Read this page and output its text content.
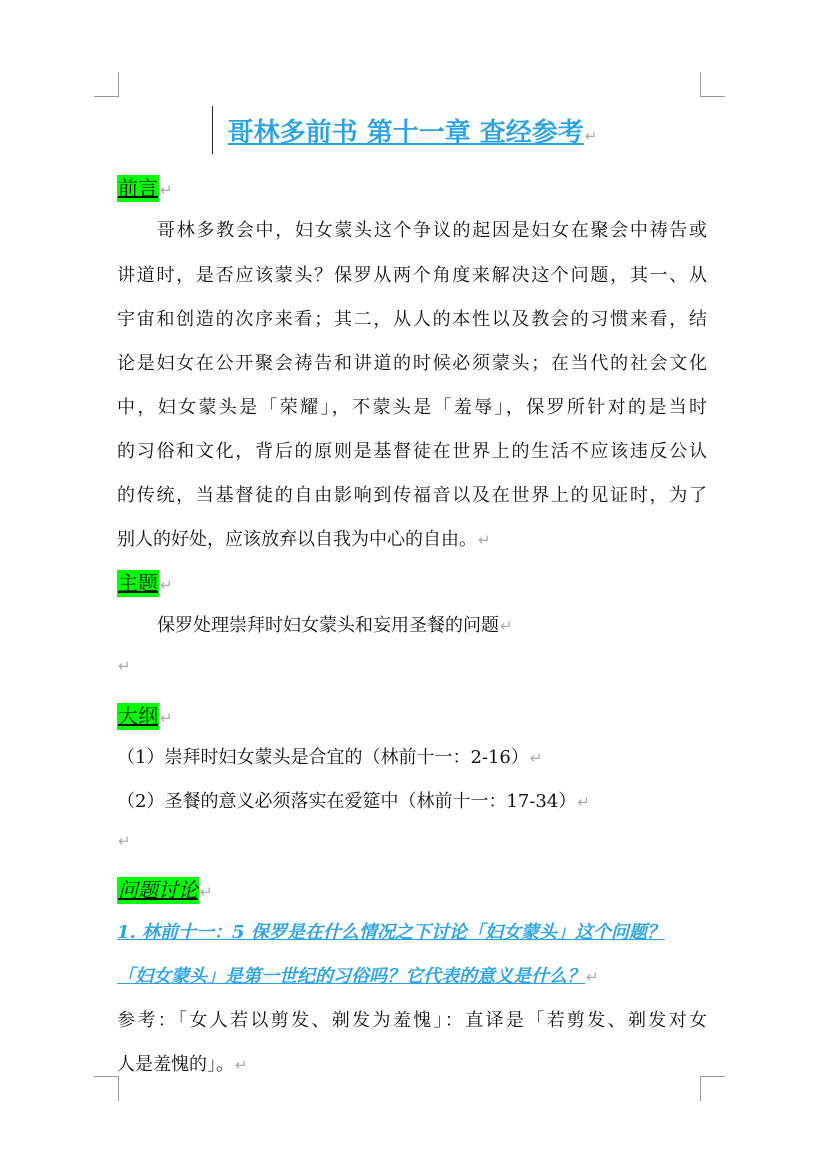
哥林多前书 第十一章 查经参考↵
前言 ↵
哥林多教会中，妇女蒙头这个争议的起因是妇女在聚会中祷告或
讲道时，是否应该蒙头？保罗从两个角度来解决这个问题，其一、从
宇宙和创造的次序来看；其二，从人的本性以及教会的习惯来看，结
论是妇女在公开聚会祷告和讲道的时候必须蒙头；在当代的社会文化
中，妇女蒙头是「荣耀」，不蒙头是「羞辱」，保罗所针对的是当时
的习俗和文化，背后的原则是基督徒在世界上的生活不应该违反公认
的传统，当基督徒的自由影响到传福音以及在世界上的见证时，为了
别人的好处，应该放弃以自我为中心的自由。↵
主题 ↵
保罗处理崇拜时妇女蒙头和妄用圣餐的问题↵
↵
大纲 ↵
（1）崇拜时妇女蒙头是合宜的（林前十一：2-16）↵
（2）圣餐的意义必须落实在爱筵中（林前十一：17-34）↵
↵
问题讨论 ↵
1. 林前十一：5 保罗是在什么情况之下讨论「妇女蒙头」这个问题？
「妇女蒙头」是第一世纪的习俗吗？它代表的意义是什么？↵
参考：「女人若以剪发、剃发为羞愧」：直译是「若剪发、剃发对女
人是羞愧的」。↵
